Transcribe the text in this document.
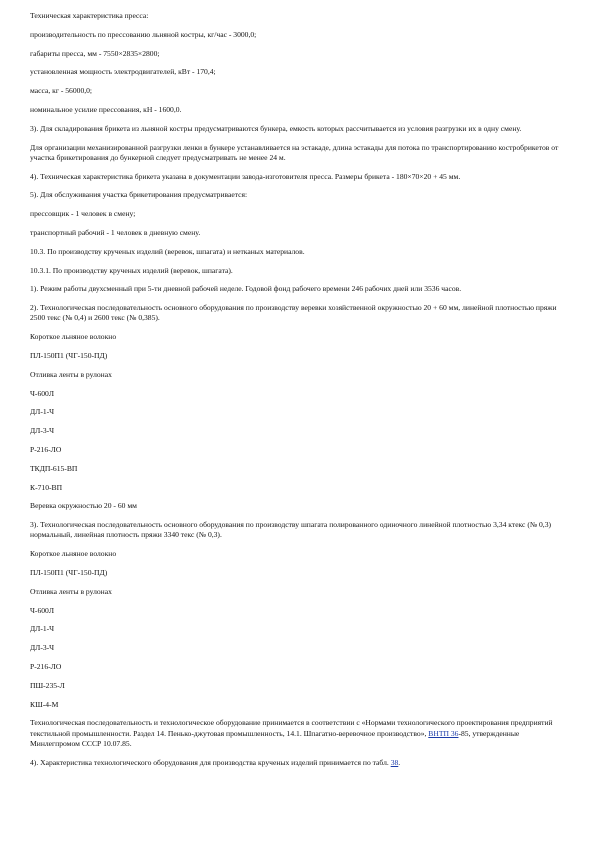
Техническая характеристика пресса:

производительность по прессованию льняной костры, кг/час - 3000,0;

габариты пресса, мм - 7550×2835×2800;

установленная мощность электродвигателей, кВт - 170,4;

масса, кг - 56000,0;

номинальное усилие прессования, кН - 1600,0.

3). Для складирования брикета из льняной костры предусматриваются бункера, емкость которых рассчитывается из условия разгрузки их в одну смену.

Для организации механизированной разгрузки ленки в бункере устанавливается на эстакаде, длина эстакады для потока по транспортированию костробрикетов от участка брикетирования до бункерной следует предусматривать не менее 24 м.

4). Техническая характеристика брикета указана в документации завода-изготовителя пресса. Размеры брикета - 180×70×20 + 45 мм.

5). Для обслуживания участка брикетирования предусматривается:

прессовщик - 1 человек в смену;

транспортный рабочий - 1 человек в дневную смену.

10.3. По производству крученых изделий (веревок, шпагата) и нетканых материалов.

10.3.1. По производству крученых изделий (веревок, шпагата).

1). Режим работы двухсменный при 5-ти дневной рабочей неделе. Годовой фонд рабочего времени 246 рабочих дней или 3536 часов.

2). Технологическая последовательность основного оборудования по производству веревки хозяйственной окружностью 20 + 60 мм, линейной плотностью пряжи 2500 текс (№ 0,4) и 2600 текс (№ 0,385).

Короткое льняное волокно

ПЛ-150П1 (ЧГ-150-ПД)

Отливка ленты в рулонах

Ч-600Л

ДЛ-1-Ч

ДЛ-3-Ч

Р-216-ЛО

ТКДП-615-ВП

К-710-ВП

Веревка окружностью 20 - 60 мм

3). Технологическая последовательность основного оборудования по производству шпагата полированного одиночного линейной плотностью 3,34 ктекс (№ 0,3) нормальный, линейная плотность пряжи 3340 текс (№ 0,3).

Короткое льняное волокно

ПЛ-150П1 (ЧГ-150-ПД)

Отливка ленты в рулонах

Ч-600Л

ДЛ-1-Ч

ДЛ-3-Ч

Р-216-ЛО

ПШ-235-Л

КШ-4-М

Технологическая последовательность и технологическое оборудование принимается в соответствии с «Нормами технологического проектирования предприятий текстильной промышленности. Раздел 14. Пенько-джутовая промышленность, 14.1. Шпагатно-веревочное производство», ВНТП 36-85, утвержденные Минлегпромом СССР 10.07.85.

4). Характеристика технологического оборудования для производства крученых изделий принимается по табл. 38.
